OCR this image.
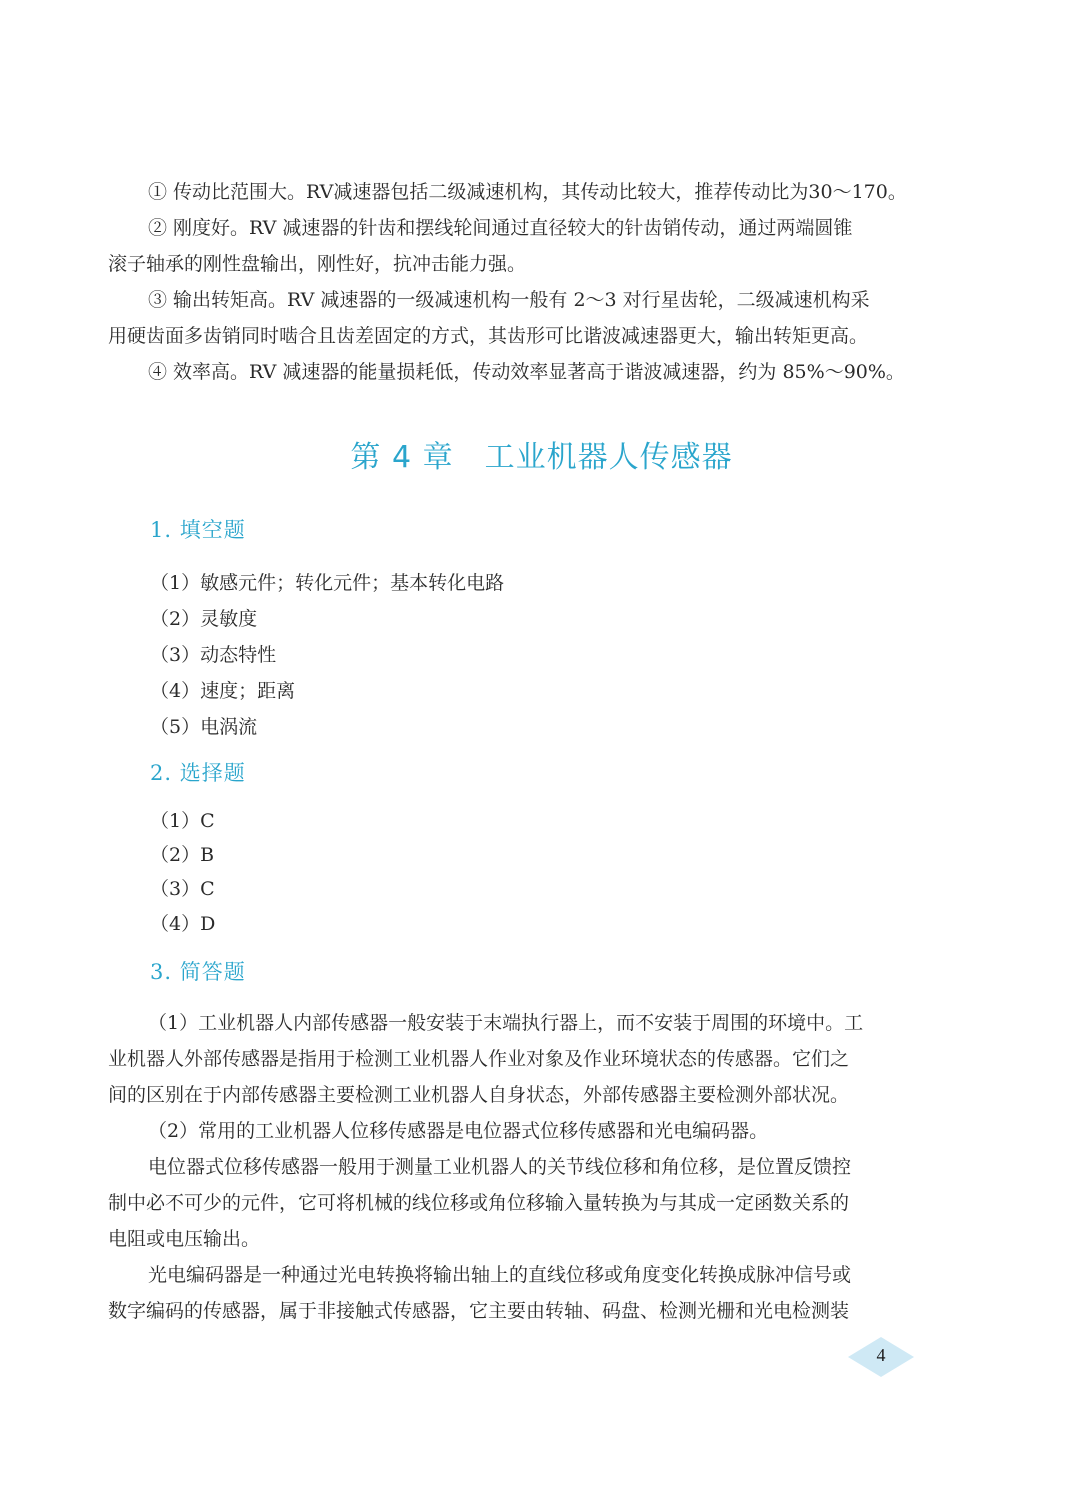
① 传动比范围大。RV减速器包括二级减速机构，其传动比较大，推荐传动比为30～170。
② 刚度好。RV 减速器的针齿和摆线轮间通过直径较大的针齿销传动，通过两端圆锥
滚子轴承的刚性盘输出，刚性好，抗冲击能力强。
③ 输出转矩高。RV 减速器的一级减速机构一般有 2～3 对行星齿轮，二级减速机构采
用硬齿面多齿销同时啮合且齿差固定的方式，其齿形可比谐波减速器更大，输出转矩更高。
④ 效率高。RV 减速器的能量损耗低，传动效率显著高于谐波减速器，约为 85%～90%。
第 4 章　工业机器人传感器
1. 填空题

（1）敏感元件；转化元件；基本转化电路

（2）灵敏度

（3）动态特性

（4）速度；距离

（5）电涡流

2. 选择题

（1）C

（2）B

（3）C

（4）D

3. 简答题
（1）工业机器人内部传感器一般安装于末端执行器上，而不安装于周围的环境中。工
业机器人外部传感器是指用于检测工业机器人作业对象及作业环境状态的传感器。它们之
间的区别在于内部传感器主要检测工业机器人自身状态，外部传感器主要检测外部状况。
（2）常用的工业机器人位移传感器是电位器式位移传感器和光电编码器。
电位器式位移传感器一般用于测量工业机器人的关节线位移和角位移，是位置反馈控
制中必不可少的元件，它可将机械的线位移或角位移输入量转换为与其成一定函数关系的
电阻或电压输出。
光电编码器是一种通过光电转换将输出轴上的直线位移或角度变化转换成脉冲信号或
数字编码的传感器，属于非接触式传感器，它主要由转轴、码盘、检测光栅和光电检测装
4
